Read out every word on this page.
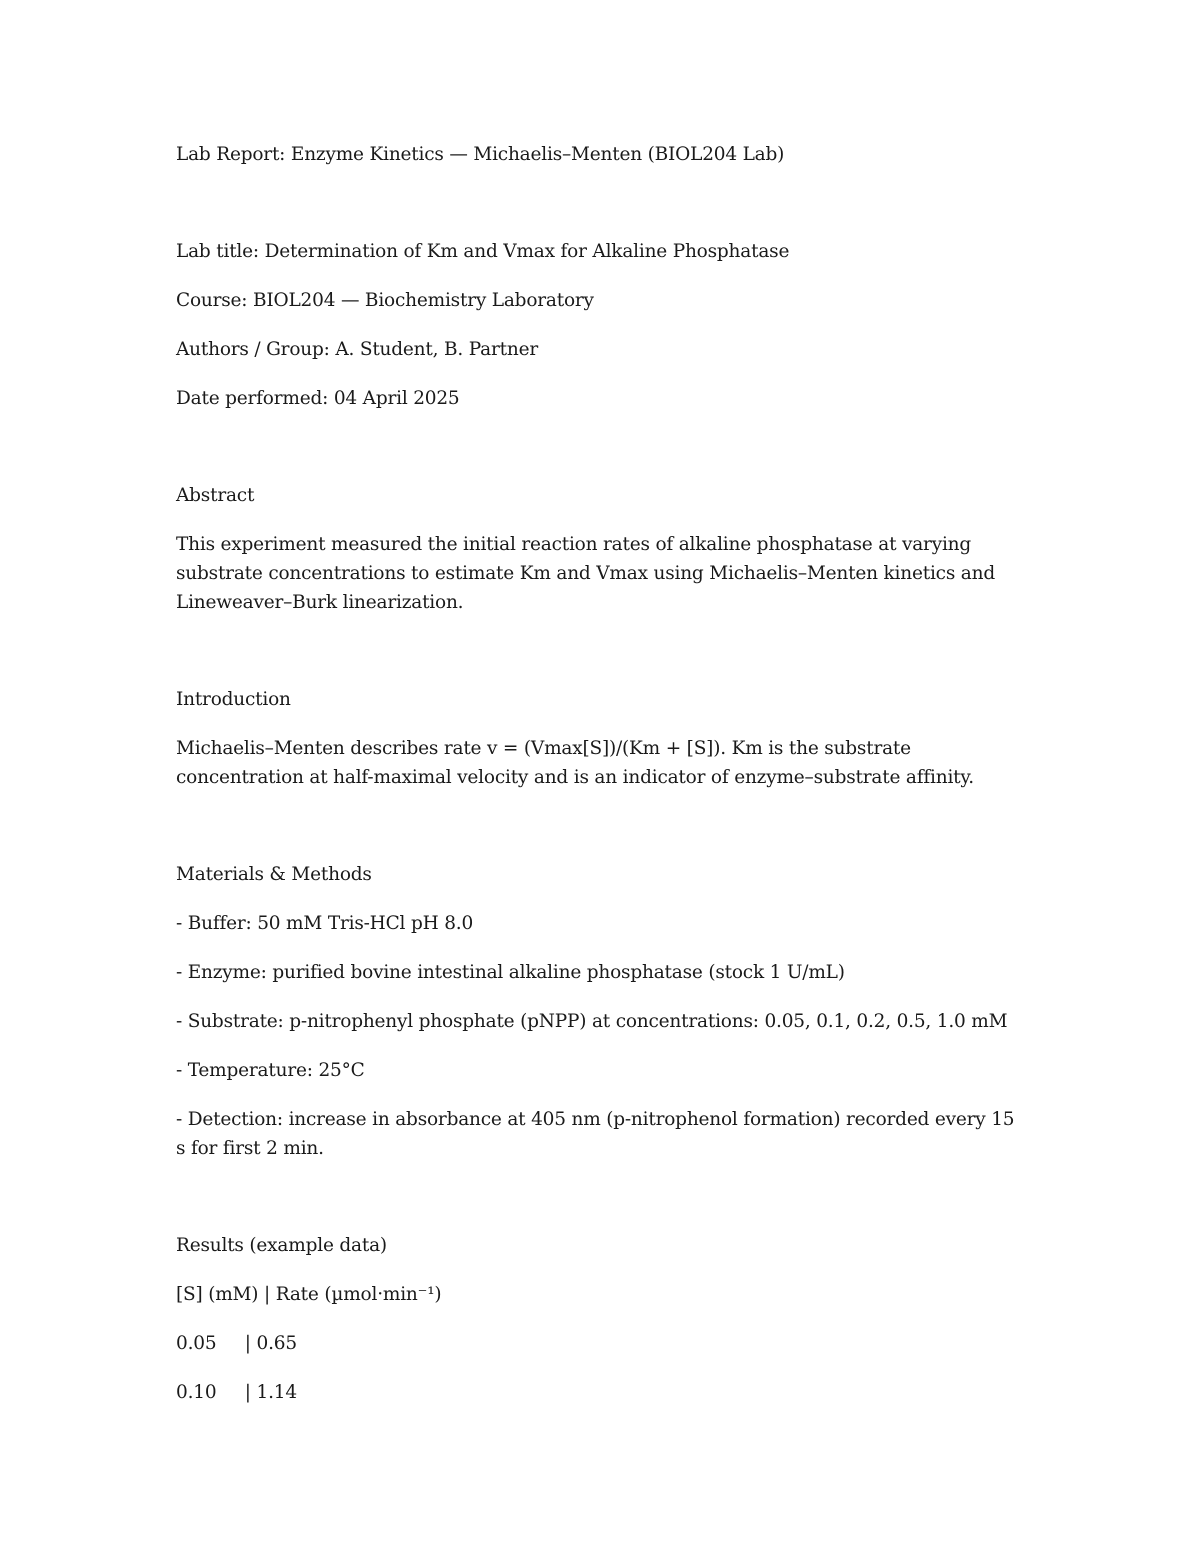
Lab Report: Enzyme Kinetics — Michaelis–Menten (BIOL204 Lab)

Lab title: Determination of Km and Vmax for Alkaline Phosphatase

Course: BIOL204 — Biochemistry Laboratory

Authors / Group: A. Student, B. Partner

Date performed: 04 April 2025

Abstract

This experiment measured the initial reaction rates of alkaline phosphatase at varying substrate concentrations to estimate Km and Vmax using Michaelis–Menten kinetics and Lineweaver–Burk linearization.

Introduction

Michaelis–Menten describes rate v = (Vmax[S])/(Km + [S]). Km is the substrate concentration at half-maximal velocity and is an indicator of enzyme–substrate affinity.

Materials & Methods

- Buffer: 50 mM Tris-HCl pH 8.0

- Enzyme: purified bovine intestinal alkaline phosphatase (stock 1 U/mL)

- Substrate: p-nitrophenyl phosphate (pNPP) at concentrations: 0.05, 0.1, 0.2, 0.5, 1.0 mM

- Temperature: 25°C

- Detection: increase in absorbance at 405 nm (p-nitrophenol formation) recorded every 15 s for first 2 min.

Results (example data)

[S] (mM) | Rate (µmol·min⁻¹)

0.05     | 0.65

0.10     | 1.14
